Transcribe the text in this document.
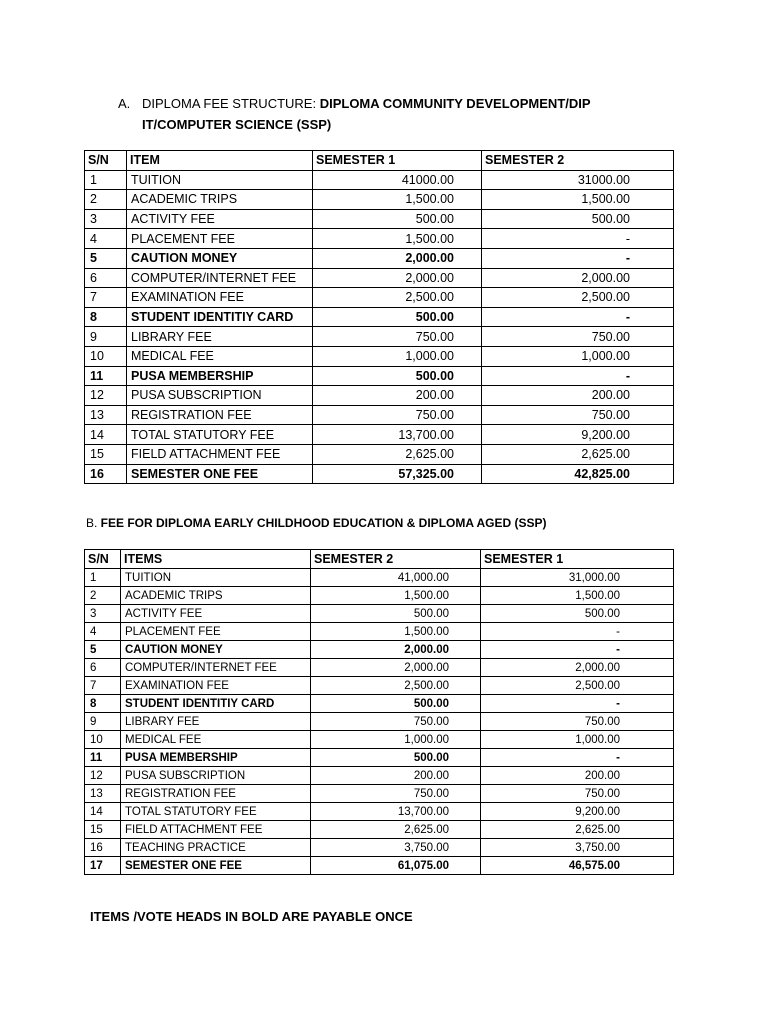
A. DIPLOMA FEE STRUCTURE: DIPLOMA COMMUNITY DEVELOPMENT/DIP
IT/COMPUTER SCIENCE (SSP)
S/N	ITEM	SEMESTER 1	SEMESTER 2
1	TUITION	41000.00	31000.00
2	ACADEMIC TRIPS	1,500.00	1,500.00
3	ACTIVITY FEE	500.00	500.00
4	PLACEMENT FEE	1,500.00	-
5	CAUTION MONEY	2,000.00	-
6	COMPUTER/INTERNET FEE	2,000.00	2,000.00
7	EXAMINATION FEE	2,500.00	2,500.00
8	STUDENT IDENTITIY CARD	500.00	-
9	LIBRARY FEE	750.00	750.00
10	MEDICAL FEE	1,000.00	1,000.00
11	PUSA MEMBERSHIP	500.00	-
12	PUSA SUBSCRIPTION	200.00	200.00
13	REGISTRATION FEE	750.00	750.00
14	TOTAL STATUTORY FEE	13,700.00	9,200.00
15	FIELD ATTACHMENT FEE	2,625.00	2,625.00
16	SEMESTER ONE FEE	57,325.00	42,825.00
B. FEE FOR DIPLOMA EARLY CHILDHOOD EDUCATION & DIPLOMA AGED (SSP)
S/N	ITEMS	SEMESTER 2	SEMESTER 1
1	TUITION	41,000.00	31,000.00
2	ACADEMIC TRIPS	1,500.00	1,500.00
3	ACTIVITY FEE	500.00	500.00
4	PLACEMENT FEE	1,500.00	-
5	CAUTION MONEY	2,000.00	-
6	COMPUTER/INTERNET FEE	2,000.00	2,000.00
7	EXAMINATION FEE	2,500.00	2,500.00
8	STUDENT IDENTITIY CARD	500.00	-
9	LIBRARY FEE	750.00	750.00
10	MEDICAL FEE	1,000.00	1,000.00
11	PUSA MEMBERSHIP	500.00	-
12	PUSA SUBSCRIPTION	200.00	200.00
13	REGISTRATION FEE	750.00	750.00
14	TOTAL STATUTORY FEE	13,700.00	9,200.00
15	FIELD ATTACHMENT FEE	2,625.00	2,625.00
16	TEACHING PRACTICE	3,750.00	3,750.00
17	SEMESTER ONE FEE	61,075.00	46,575.00
ITEMS /VOTE HEADS IN BOLD ARE PAYABLE ONCE
